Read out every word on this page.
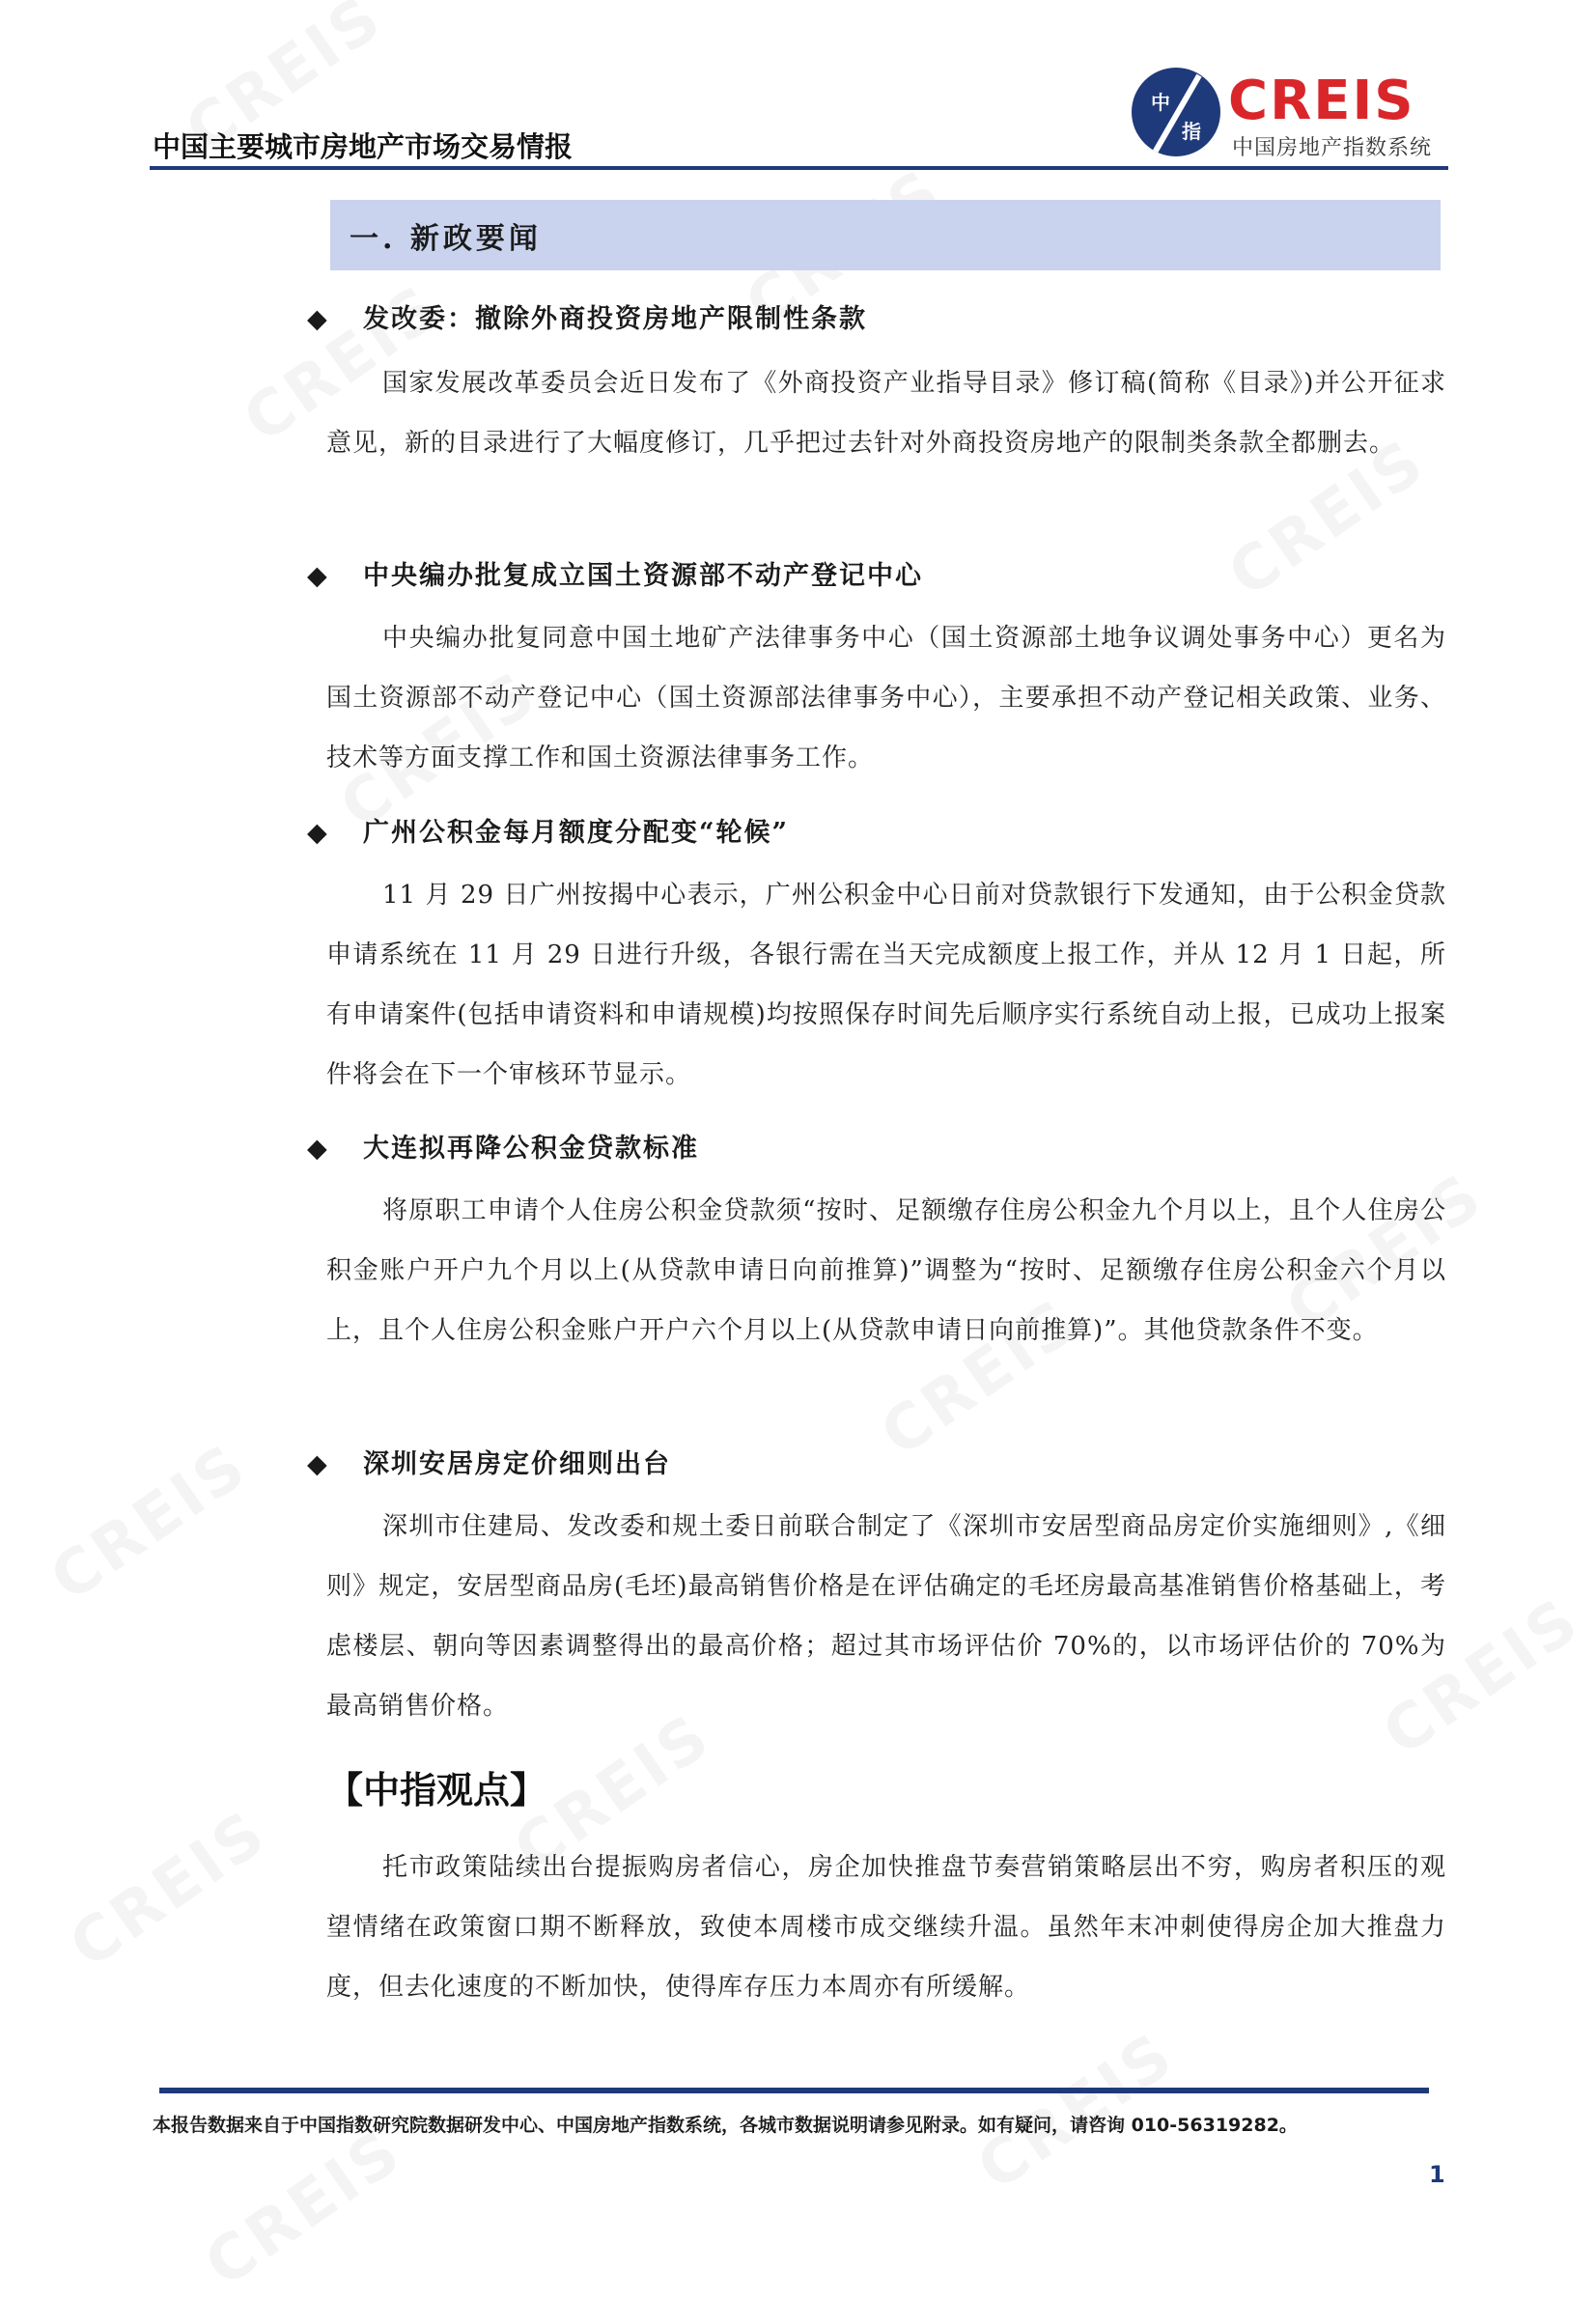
中国主要城市房地产市场交易情报
中
指 CREIS
中国房地产指数系统
一. 新政要闻
◆ 发改委：撤除外商投资房地产限制性条款
国家发展改革委员会近日发布了《外商投资产业指导目录》修订稿(简称《目录》)并公开征求意见，新的目录进行了大幅度修订，几乎把过去针对外商投资房地产的限制类条款全都删去。
◆ 中央编办批复成立国土资源部不动产登记中心
中央编办批复同意中国土地矿产法律事务中心（国土资源部土地争议调处事务中心）更名为国土资源部不动产登记中心（国土资源部法律事务中心），主要承担不动产登记相关政策、业务、技术等方面支撑工作和国土资源法律事务工作。
◆ 广州公积金每月额度分配变“轮候”
11 月 29 日广州按揭中心表示，广州公积金中心日前对贷款银行下发通知，由于公积金贷款申请系统在 11 月 29 日进行升级，各银行需在当天完成额度上报工作，并从 12 月 1 日起，所有申请案件(包括申请资料和申请规模)均按照保存时间先后顺序实行系统自动上报，已成功上报案件将会在下一个审核环节显示。
◆ 大连拟再降公积金贷款标准
将原职工申请个人住房公积金贷款须“按时、足额缴存住房公积金九个月以上，且个人住房公积金账户开户九个月以上(从贷款申请日向前推算)”调整为“按时、足额缴存住房公积金六个月以上，且个人住房公积金账户开户六个月以上(从贷款申请日向前推算)”。其他贷款条件不变。
◆ 深圳安居房定价细则出台
深圳市住建局、发改委和规土委日前联合制定了《深圳市安居型商品房定价实施细则》,《细则》规定，安居型商品房(毛坯)最高销售价格是在评估确定的毛坯房最高基准销售价格基础上，考虑楼层、朝向等因素调整得出的最高价格；超过其市场评估价 70%的，以市场评估价的 70%为最高销售价格。
【中指观点】
托市政策陆续出台提振购房者信心，房企加快推盘节奏营销策略层出不穷，购房者积压的观望情绪在政策窗口期不断释放，致使本周楼市成交继续升温。虽然年末冲刺使得房企加大推盘力度，但去化速度的不断加快，使得库存压力本周亦有所缓解。
本报告数据来自于中国指数研究院数据研发中心、中国房地产指数系统，各城市数据说明请参见附录。如有疑问，请咨询 010-56319282。
1
